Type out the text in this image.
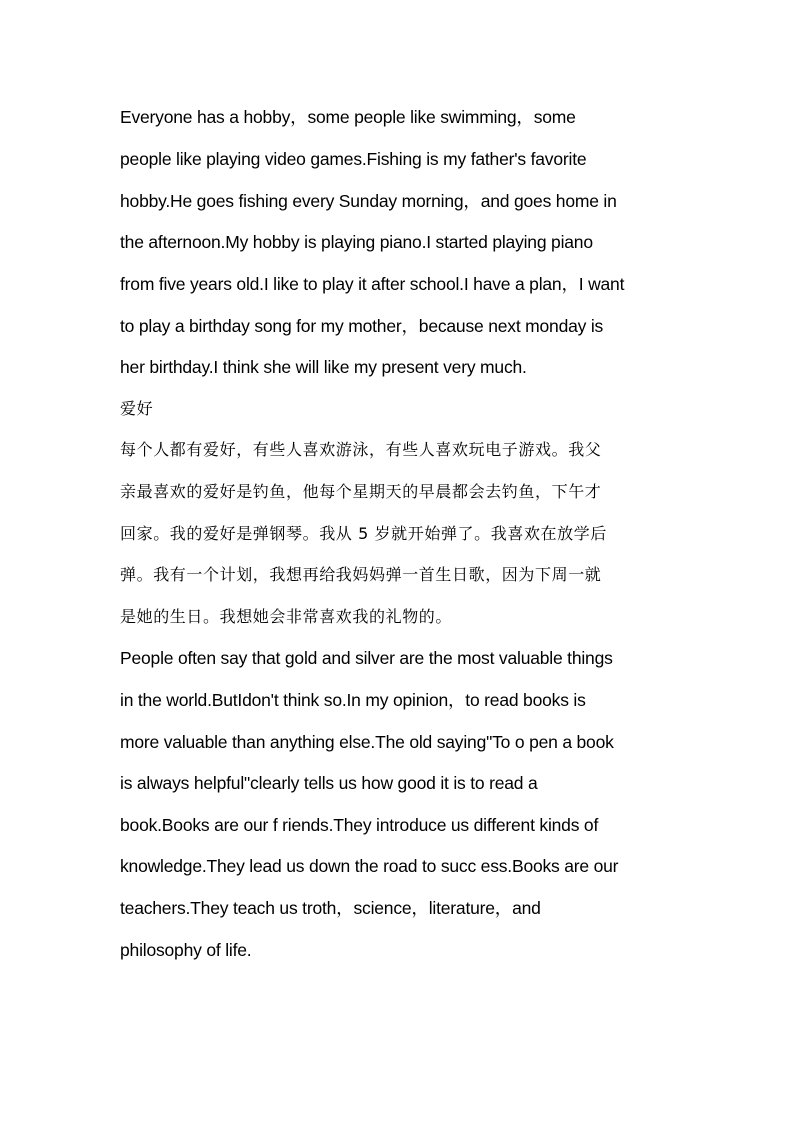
Everyone has a hobby，some people like swimming，some
people like playing video games.Fishing is my father's favorite
hobby.He goes fishing every Sunday morning，and goes home in
the afternoon.My hobby is playing piano.I started playing piano
from five years old.I like to play it after school.I have a plan，I want
to play a birthday song for my mother，because next monday is
her birthday.I think she will like my present very much.
爱好
每个人都有爱好，有些人喜欢游泳，有些人喜欢玩电子游戏。我父
亲最喜欢的爱好是钓鱼，他每个星期天的早晨都会去钓鱼，下午才
回家。我的爱好是弹钢琴。我从 5 岁就开始弹了。我喜欢在放学后
弹。我有一个计划，我想再给我妈妈弹一首生日歌，因为下周一就
是她的生日。我想她会非常喜欢我的礼物的。
People often say that gold and silver are the most valuable things
in the world.ButIdon't think so.In my opinion，to read books is
more valuable than anything else.The old saying"To o pen a book
is always helpful"clearly tells us how good it is to read a
book.Books are our f riends.They introduce us different kinds of
knowledge.They lead us down the road to succ ess.Books are our
teachers.They teach us troth，science，literature，and
philosophy of life.
